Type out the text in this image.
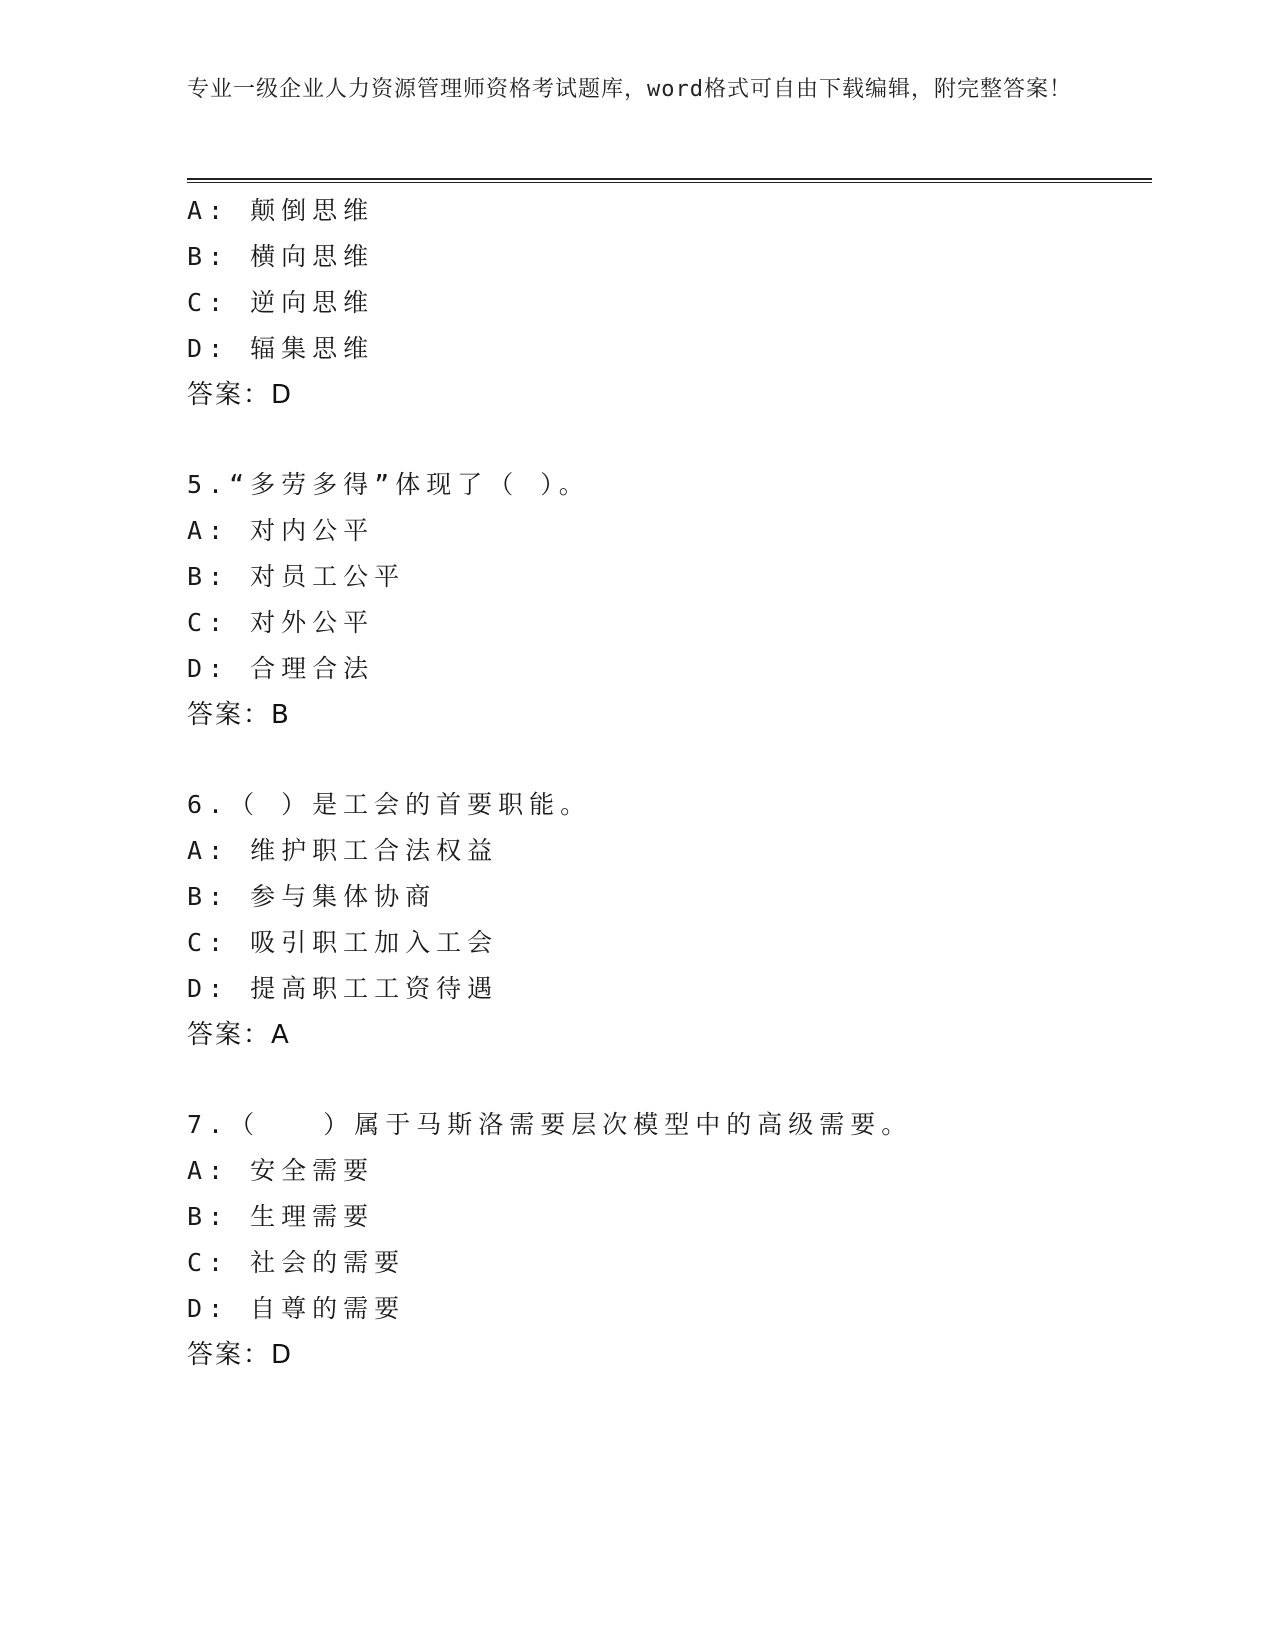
专业一级企业人力资源管理师资格考试题库，word格式可自由下载编辑，附完整答案！
A: 颠倒思维
B: 横向思维
C: 逆向思维
D: 辐集思维
答案：D
5.“多劳多得”体现了（ ）。
A: 对内公平
B: 对员工公平
C: 对外公平
D: 合理合法
答案：B
6.（ ）是工会的首要职能。
A: 维护职工合法权益
B: 参与集体协商
C: 吸引职工加入工会
D: 提高职工工资待遇
答案：A
7.（   ）属于马斯洛需要层次模型中的高级需要。
A: 安全需要
B: 生理需要
C: 社会的需要
D: 自尊的需要
答案：D
